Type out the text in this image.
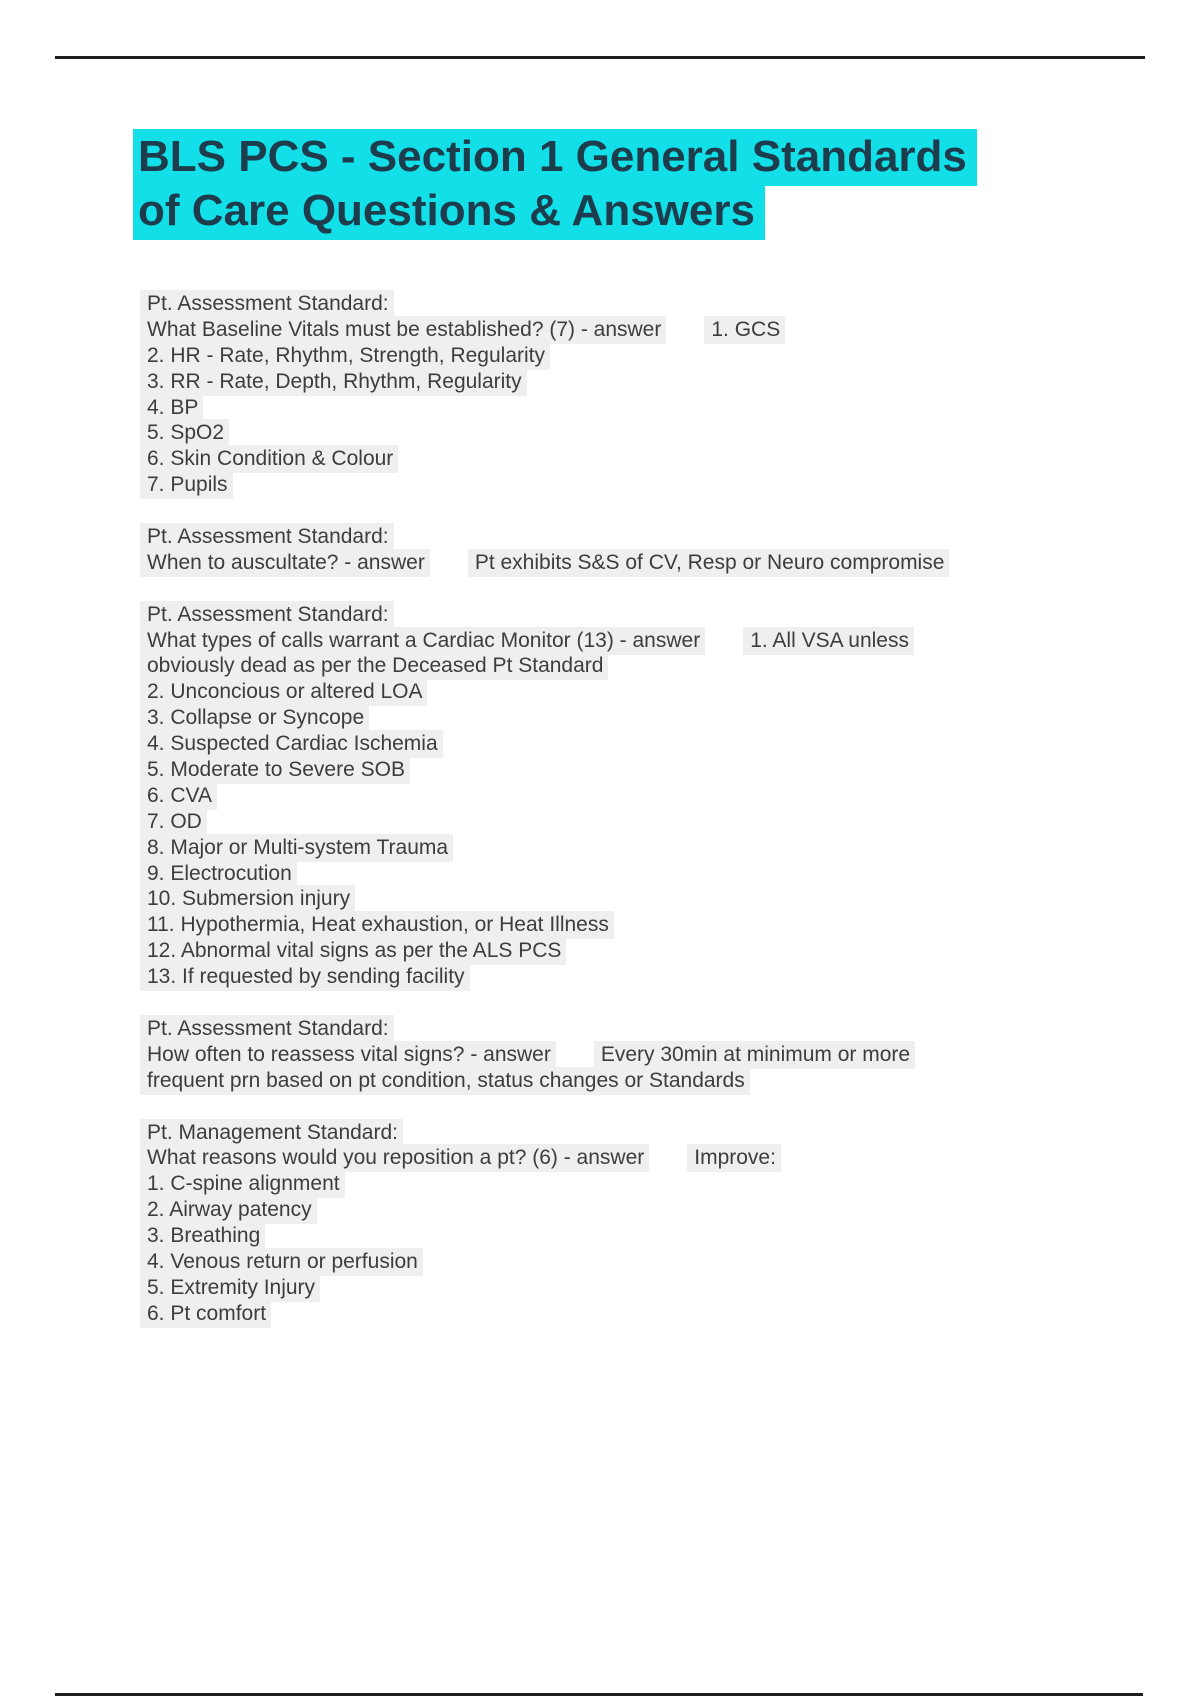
BLS PCS - Section 1 General Standards
of Care Questions & Answers
Pt. Assessment Standard:
What Baseline Vitals must be established? (7) - answer 1. GCS
2. HR - Rate, Rhythm, Strength, Regularity
3. RR - Rate, Depth, Rhythm, Regularity
4. BP
5. SpO2
6. Skin Condition & Colour
7. Pupils
Pt. Assessment Standard:
When to auscultate? - answer Pt exhibits S&S of CV, Resp or Neuro compromise
Pt. Assessment Standard:
What types of calls warrant a Cardiac Monitor (13) - answer 1. All VSA unless
obviously dead as per the Deceased Pt Standard
2. Unconcious or altered LOA
3. Collapse or Syncope
4. Suspected Cardiac Ischemia
5. Moderate to Severe SOB
6. CVA
7. OD
8. Major or Multi-system Trauma
9. Electrocution
10. Submersion injury
11. Hypothermia, Heat exhaustion, or Heat Illness
12. Abnormal vital signs as per the ALS PCS
13. If requested by sending facility
Pt. Assessment Standard:
How often to reassess vital signs? - answer Every 30min at minimum or more
frequent prn based on pt condition, status changes or Standards
Pt. Management Standard:
What reasons would you reposition a pt? (6) - answer Improve:
1. C-spine alignment
2. Airway patency
3. Breathing
4. Venous return or perfusion
5. Extremity Injury
6. Pt comfort
